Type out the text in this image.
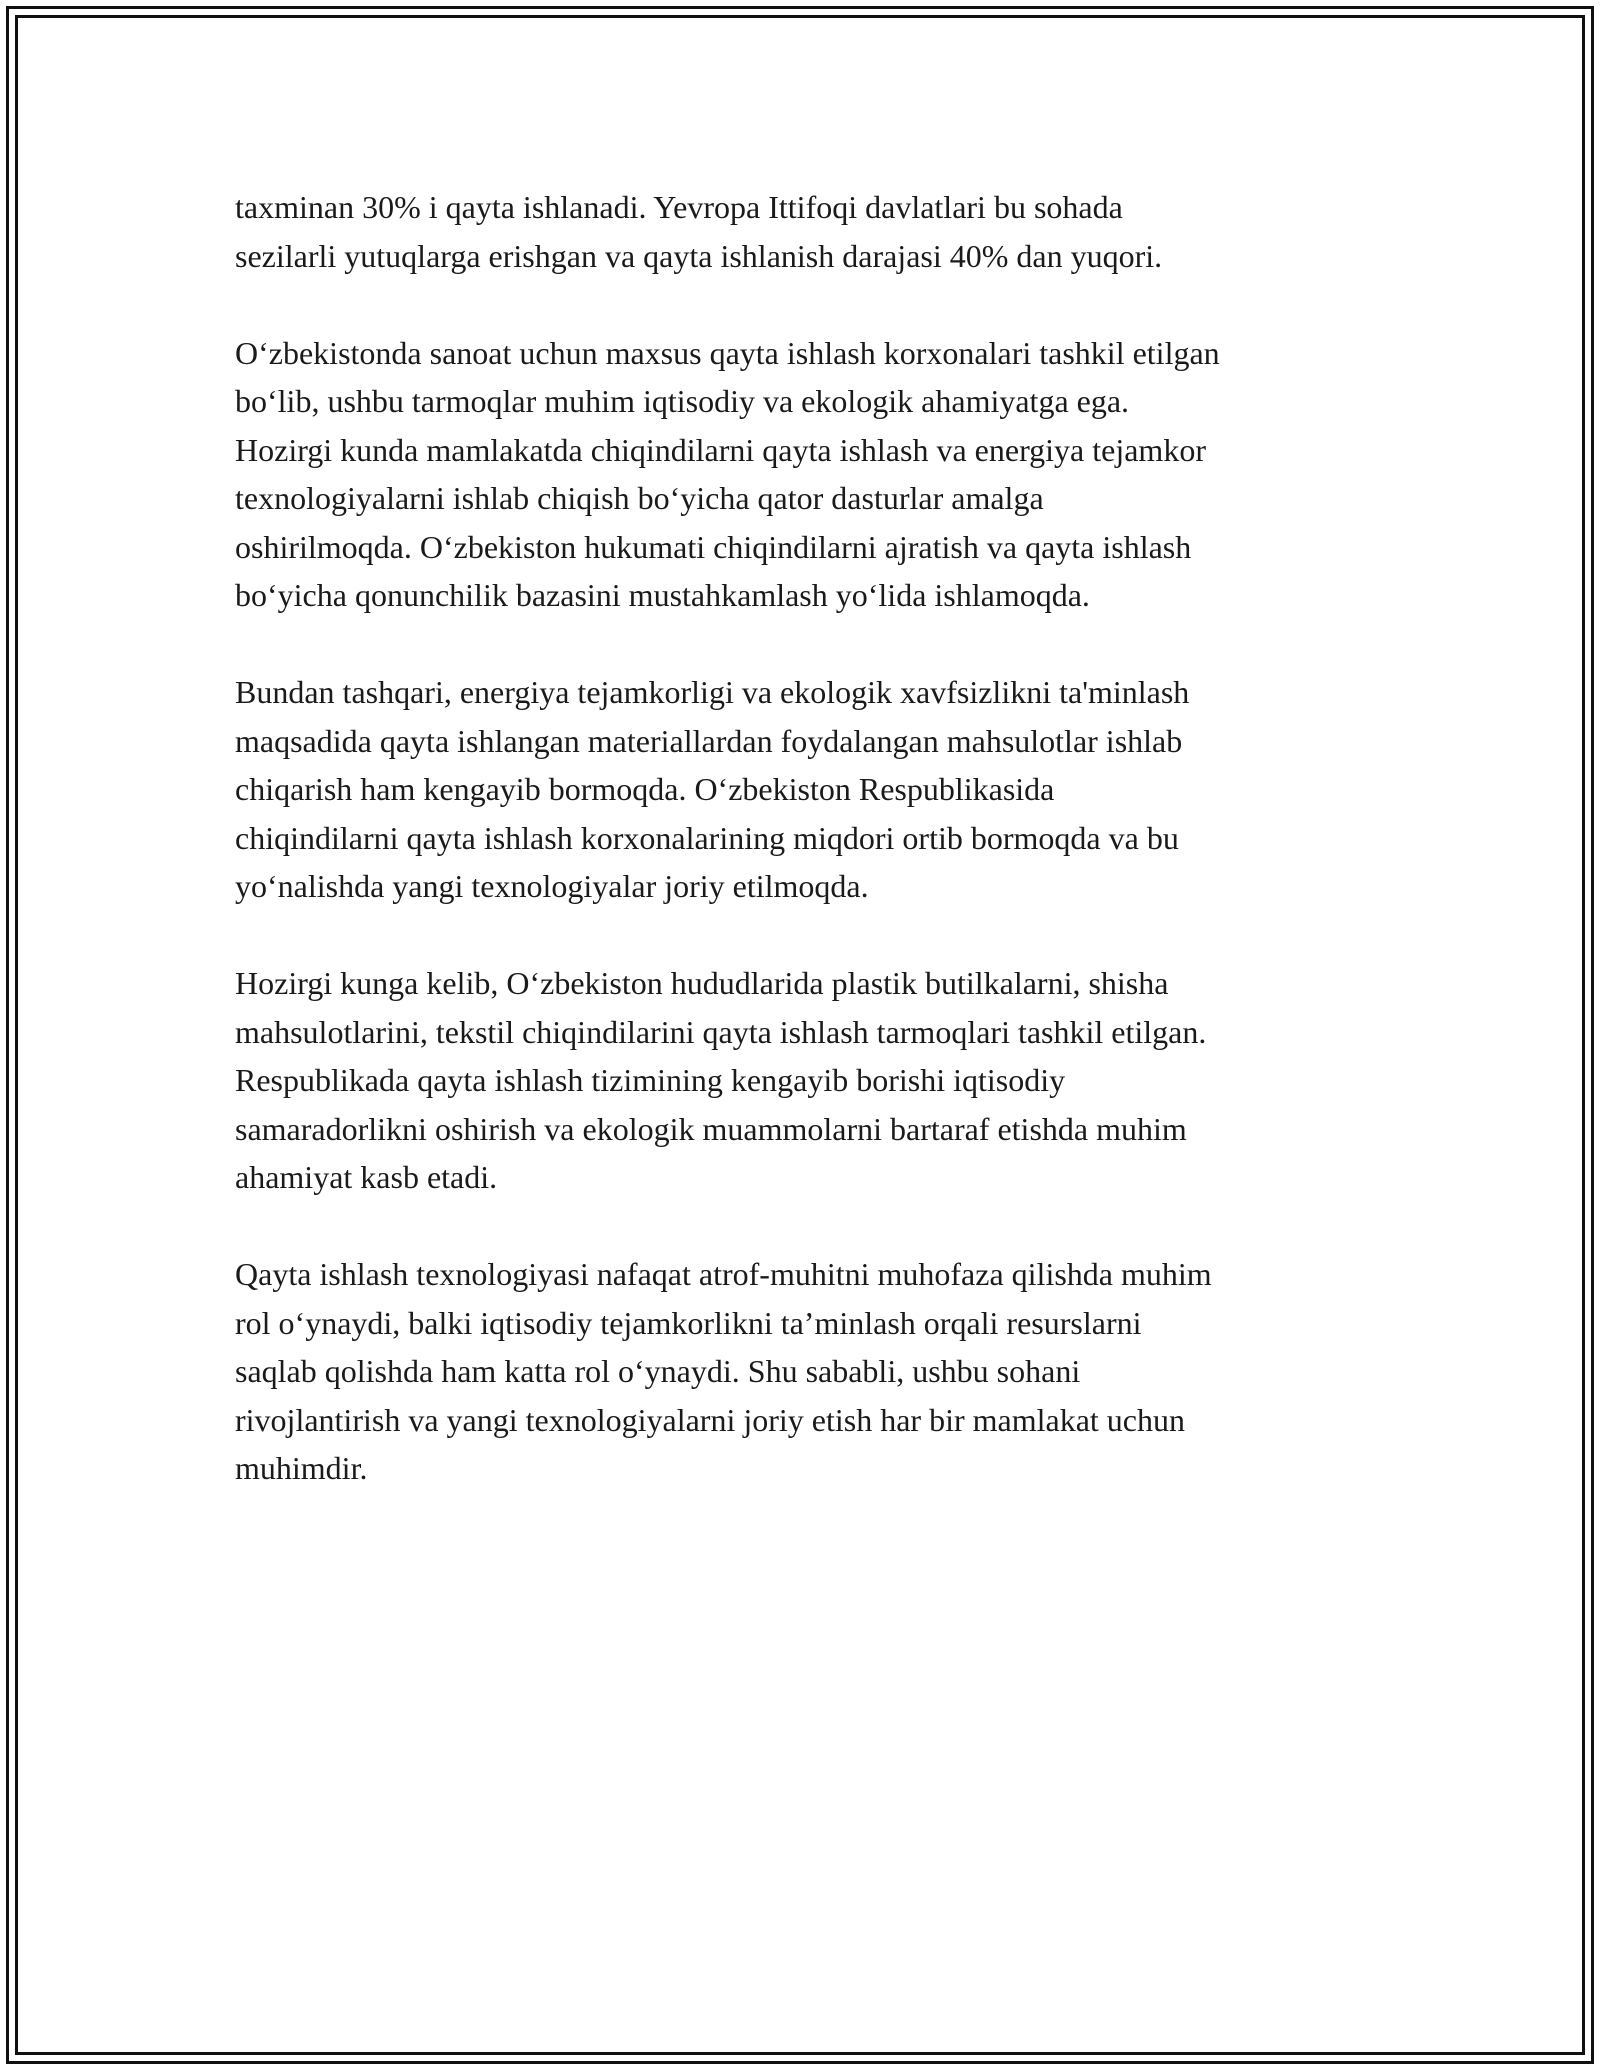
taxminan 30% i qayta ishlanadi. Yevropa Ittifoqi davlatlari bu sohada
sezilarli yutuqlarga erishgan va qayta ishlanish darajasi 40% dan yuqori.

O‘zbekistonda sanoat uchun maxsus qayta ishlash korxonalari tashkil etilgan
bo‘lib, ushbu tarmoqlar muhim iqtisodiy va ekologik ahamiyatga ega.
Hozirgi kunda mamlakatda chiqindilarni qayta ishlash va energiya tejamkor
texnologiyalarni ishlab chiqish bo‘yicha qator dasturlar amalga
oshirilmoqda. O‘zbekiston hukumati chiqindilarni ajratish va qayta ishlash
bo‘yicha qonunchilik bazasini mustahkamlash yo‘lida ishlamoqda.

Bundan tashqari, energiya tejamkorligi va ekologik xavfsizlikni ta'minlash
maqsadida qayta ishlangan materiallardan foydalangan mahsulotlar ishlab
chiqarish ham kengayib bormoqda. O‘zbekiston Respublikasida
chiqindilarni qayta ishlash korxonalarining miqdori ortib bormoqda va bu
yo‘nalishda yangi texnologiyalar joriy etilmoqda.

Hozirgi kunga kelib, O‘zbekiston hududlarida plastik butilkalarni, shisha
mahsulotlarini, tekstil chiqindilarini qayta ishlash tarmoqlari tashkil etilgan.
Respublikada qayta ishlash tizimining kengayib borishi iqtisodiy
samaradorlikni oshirish va ekologik muammolarni bartaraf etishda muhim
ahamiyat kasb etadi.

Qayta ishlash texnologiyasi nafaqat atrof-muhitni muhofaza qilishda muhim
rol o‘ynaydi, balki iqtisodiy tejamkorlikni ta’minlash orqali resurslarni
saqlab qolishda ham katta rol o‘ynaydi. Shu sababli, ushbu sohani
rivojlantirish va yangi texnologiyalarni joriy etish har bir mamlakat uchun
muhimdir.
